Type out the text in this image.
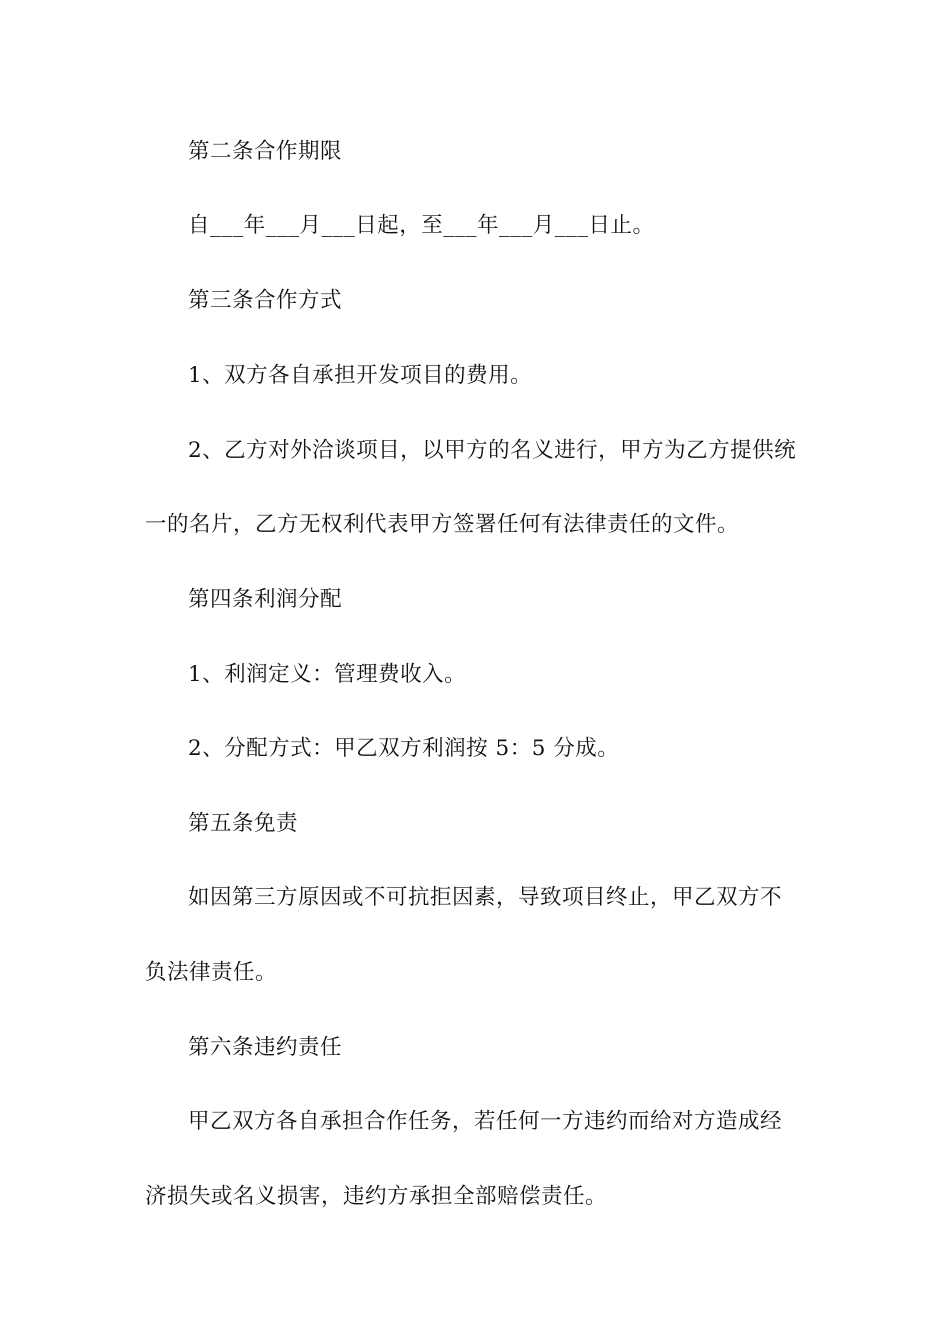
第二条合作期限
自___年___月___日起，至___年___月___日止。
第三条合作方式
1、双方各自承担开发项目的费用。
2、乙方对外洽谈项目，以甲方的名义进行，甲方为乙方提供统
一的名片，乙方无权利代表甲方签署任何有法律责任的文件。
第四条利润分配
1、利润定义：管理费收入。
2、分配方式：甲乙双方利润按 5：5 分成。
第五条免责
如因第三方原因或不可抗拒因素，导致项目终止，甲乙双方不
负法律责任。
第六条违约责任
甲乙双方各自承担合作任务，若任何一方违约而给对方造成经
济损失或名义损害，违约方承担全部赔偿责任。
